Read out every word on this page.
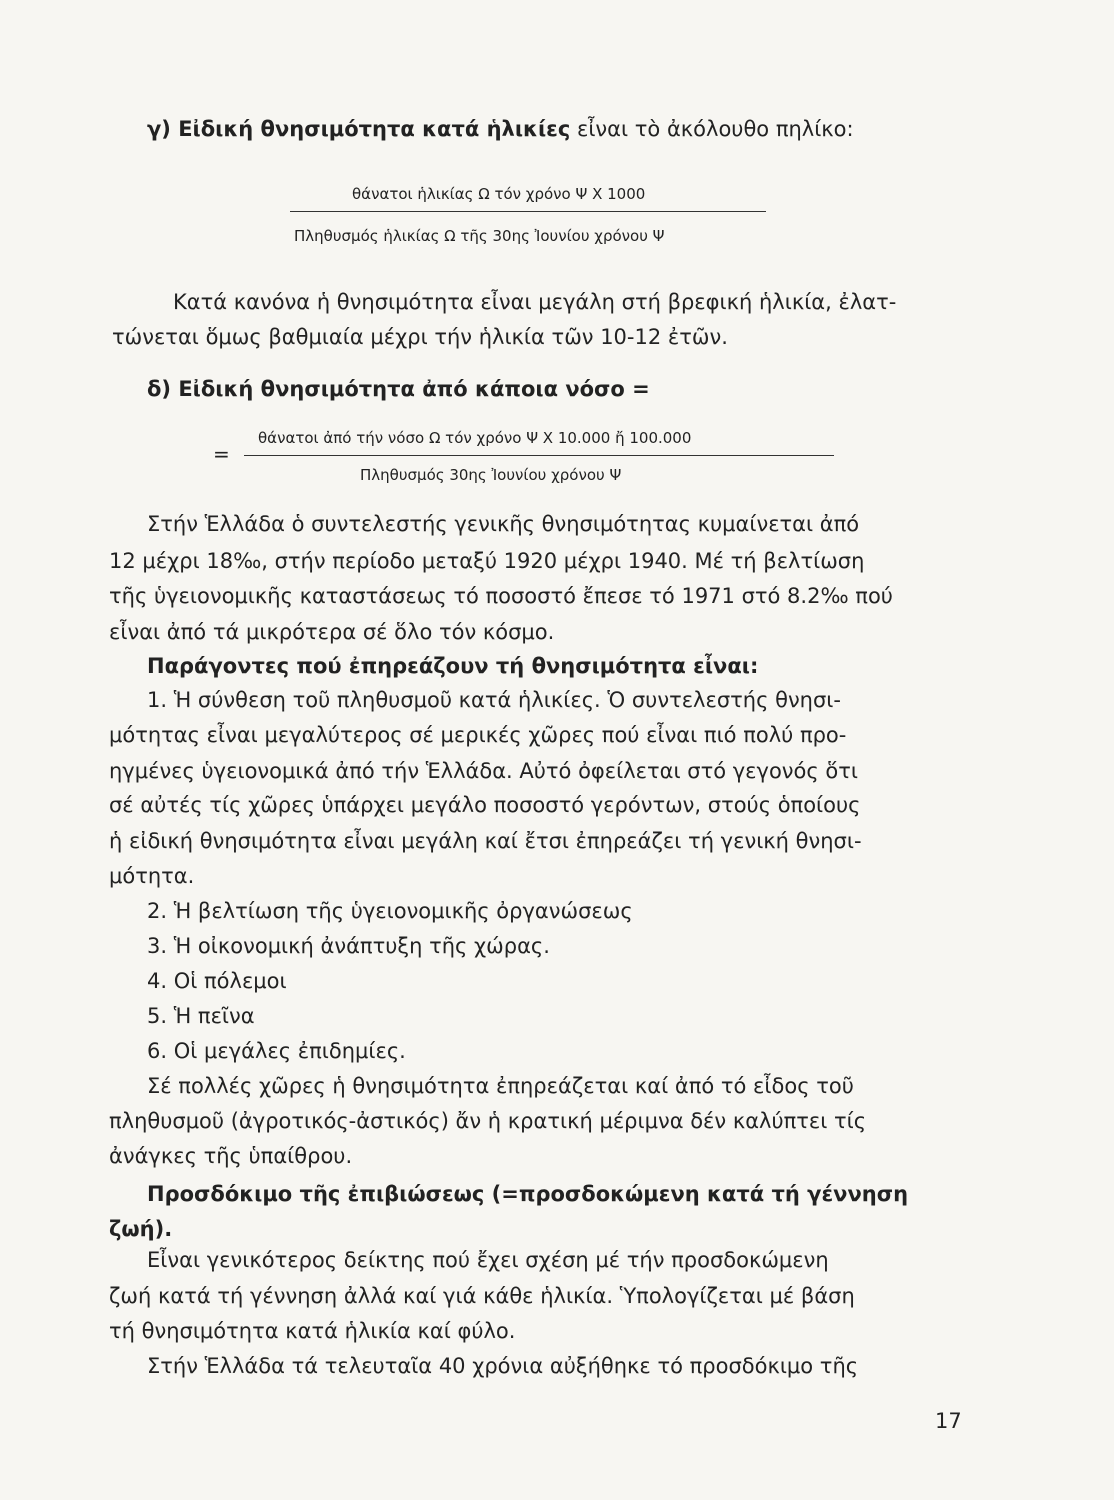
γ) Εἰδική θνησιμότητα κατά ἡλικίες εἶναι τὸ ἀκόλουθο πηλίκο:
θάνατοι ἡλικίας Ω τόν χρόνο Ψ X 1000
Πληθυσμός ἡλικίας Ω τῆς 30ης Ἰουνίου χρόνου Ψ
Κατά κανόνα ἡ θνησιμότητα εἶναι μεγάλη στή βρεφική ἡλικία, ἐλατ-
τώνεται ὅμως βαθμιαία μέχρι τήν ἡλικία τῶν 10-12 ἐτῶν.
δ) Εἰδική θνησιμότητα ἀπό κάποια νόσο =
θάνατοι ἀπό τήν νόσο Ω τόν χρόνο Ψ X 10.000 ἤ 100.000
=
Πληθυσμός 30ης Ἰουνίου χρόνου Ψ
Στήν Ἑλλάδα ὁ συντελεστής γενικῆς θνησιμότητας κυμαίνεται ἀπό
12 μέχρι 18‰, στήν περίοδο μεταξύ 1920 μέχρι 1940. Μέ τή βελτίωση
τῆς ὑγειονομικῆς καταστάσεως τό ποσοστό ἔπεσε τό 1971 στό 8.2‰ πού
εἶναι ἀπό τά μικρότερα σέ ὅλο τόν κόσμο.
Παράγοντες πού ἐπηρεάζουν τή θνησιμότητα εἶναι:
1. Ἡ σύνθεση τοῦ πληθυσμοῦ κατά ἡλικίες. Ὁ συντελεστής θνησι-
μότητας εἶναι μεγαλύτερος σέ μερικές χῶρες πού εἶναι πιό πολύ προ-
ηγμένες ὑγειονομικά ἀπό τήν Ἑλλάδα. Αὐτό ὀφείλεται στό γεγονός ὅτι
σέ αὐτές τίς χῶρες ὑπάρχει μεγάλο ποσοστό γερόντων, στούς ὁποίους
ἡ εἰδική θνησιμότητα εἶναι μεγάλη καί ἔτσι ἐπηρεάζει τή γενική θνησι-
μότητα.
2. Ἡ βελτίωση τῆς ὑγειονομικῆς ὀργανώσεως
3. Ἡ οἰκονομική ἀνάπτυξη τῆς χώρας.
4. Οἱ πόλεμοι
5. Ἡ πεῖνα
6. Οἱ μεγάλες ἐπιδημίες.
Σέ πολλές χῶρες ἡ θνησιμότητα ἐπηρεάζεται καί ἀπό τό εἶδος τοῦ
πληθυσμοῦ (ἀγροτικός-ἀστικός) ἄν ἡ κρατική μέριμνα δέν καλύπτει τίς
ἀνάγκες τῆς ὑπαίθρου.
Προσδόκιμο τῆς ἐπιβιώσεως (=προσδοκώμενη κατά τή γέννηση
ζωή).
Εἶναι γενικότερος δείκτης πού ἔχει σχέση μέ τήν προσδοκώμενη
ζωή κατά τή γέννηση ἀλλά καί γιά κάθε ἡλικία. Ὑπολογίζεται μέ βάση
τή θνησιμότητα κατά ἡλικία καί φύλο.
Στήν Ἑλλάδα τά τελευταῖα 40 χρόνια αὐξήθηκε τό προσδόκιμο τῆς
17
